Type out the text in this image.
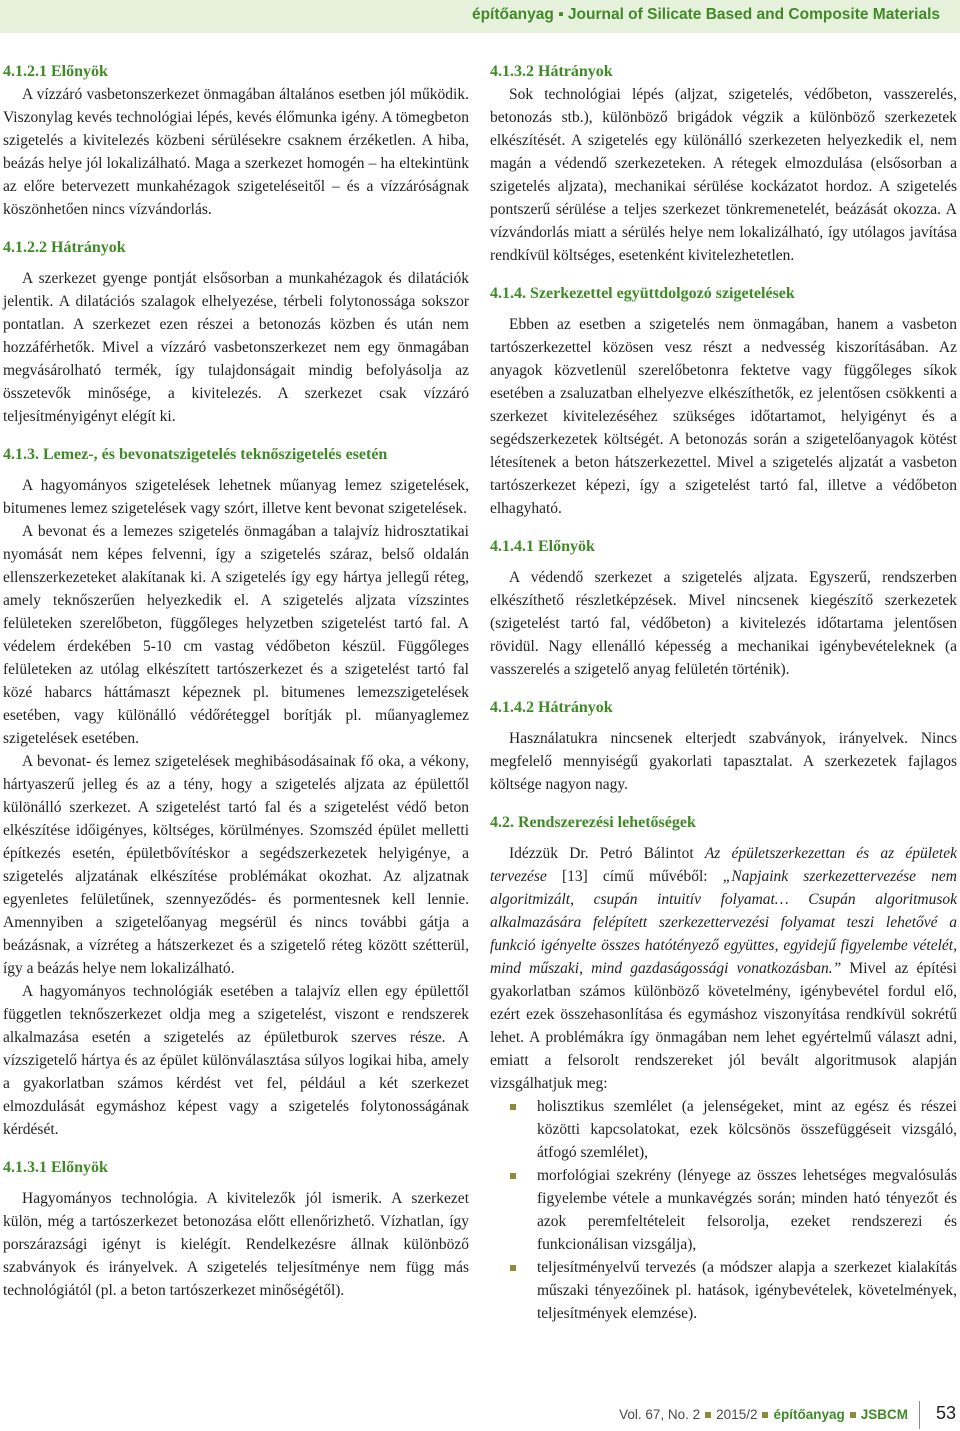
építőanyag ▪ Journal of Silicate Based and Composite Materials
4.1.2.1 Előnyök

A vízzáró vasbetonszerkezet önmagában általános esetben jól működik. Viszonylag kevés technológiai lépés, kevés élőmunka igény. A tömegbeton szigetelés a kivitelezés közbeni sérülésekre csaknem érzéketlen. A hiba, beázás helye jól lokalizálható. Maga a szerkezet homogén – ha eltekintünk az előre betervezett munkahézagok szigeteléseitől – és a vízzáróságnak köszönhetően nincs vízvándorlás.

4.1.2.2 Hátrányok

A szerkezet gyenge pontját elsősorban a munkahézagok és dilatációk jelentik. A dilatációs szalagok elhelyezése, térbeli folytonossága sokszor pontatlan. A szerkezet ezen részei a betonozás közben és után nem hozzáférhetők. Mivel a vízzáró vasbetonszerkezet nem egy önmagában megvásárolható termék, így tulajdonságait mindig befolyásolja az összetevők minősége, a kivitelezés. A szerkezet csak vízzáró teljesítményigényt elégít ki.

4.1.3. Lemez-, és bevonatszigetelés teknőszigetelés esetén

A hagyományos szigetelések lehetnek műanyag lemez szigetelések, bitumenes lemez szigetelések vagy szórt, illetve kent bevonat szigetelések.

A bevonat és a lemezes szigetelés önmagában a talajvíz hidrosztatikai nyomását nem képes felvenni, így a szigetelés száraz, belső oldalán ellenszerkezeteket alakítanak ki. A szigetelés így egy hártya jellegű réteg, amely teknőszerűen helyezkedik el. A szigetelés aljzata vízszintes felületeken szerelőbeton, függőleges helyzetben szigetelést tartó fal. A védelem érdekében 5-10 cm vastag védőbeton készül. Függőleges felületeken az utólag elkészített tartószerkezet és a szigetelést tartó fal közé habarcs háttámaszt képeznek pl. bitumenes lemezszigetelések esetében, vagy különálló védőréteggel borítják pl. műanyaglemez szigetelések esetében.

A bevonat- és lemez szigetelések meghibásodásainak fő oka, a vékony, hártyaszerű jelleg és az a tény, hogy a szigetelés aljzata az épülettől különálló szerkezet. A szigetelést tartó fal és a szigetelést védő beton elkészítése időigényes, költséges, körülményes. Szomszéd épület melletti építkezés esetén, épületbővítéskor a segédszerkezetek helyigénye, a szigetelés aljzatának elkészítése problémákat okozhat. Az aljzatnak egyenletes felületűnek, szennyeződés- és pormentesnek kell lennie. Amennyiben a szigetelőanyag megsérül és nincs további gátja a beázásnak, a vízréteg a hátszerkezet és a szigetelő réteg között szétterül, így a beázás helye nem lokalizálható.

A hagyományos technológiák esetében a talajvíz ellen egy épülettől független teknőszerkezet oldja meg a szigetelést, viszont e rendszerek alkalmazása esetén a szigetelés az épületburok szerves része. A vízszigetelő hártya és az épület különválasztása súlyos logikai hiba, amely a gyakorlatban számos kérdést vet fel, például a két szerkezet elmozdulását egymáshoz képest vagy a szigetelés folytonosságának kérdését.

4.1.3.1 Előnyök

Hagyományos technológia. A kivitelezők jól ismerik. A szerkezet külön, még a tartószerkezet betonozása előtt ellenőrizhető. Vízhatlan, így porszárazsági igényt is kielégít. Rendelkezésre állnak különböző szabványok és irányelvek. A szigetelés teljesítménye nem függ más technológiától (pl. a beton tartószerkezet minőségétől).

4.1.3.2 Hátrányok

Sok technológiai lépés (aljzat, szigetelés, védőbeton, vasszerelés, betonozás stb.), különböző brigádok végzik a különböző szerkezetek elkészítését. A szigetelés egy különálló szerkezeten helyezkedik el, nem magán a védendő szerkezeteken. A rétegek elmozdulása (elsősorban a szigetelés aljzata), mechanikai sérülése kockázatot hordoz. A szigetelés pontszerű sérülése a teljes szerkezet tönkremenetelét, beázását okozza. A vízvándorlás miatt a sérülés helye nem lokalizálható, így utólagos javítása rendkívül költséges, esetenként kivitelezhetetlen.

4.1.4. Szerkezettel együttdolgozó szigetelések

Ebben az esetben a szigetelés nem önmagában, hanem a vasbeton tartószerkezettel közösen vesz részt a nedvesség kiszorításában. Az anyagok közvetlenül szerelőbetonra fektetve vagy függőleges síkok esetében a zsaluzatban elhelyezve elkészíthetők, ez jelentősen csökkenti a szerkezet kivitelezéséhez szükséges időtartamot, helyigényt és a segédszerkezetek költségét. A betonozás során a szigetelőanyagok kötést létesítenek a beton hátszerkezettel. Mivel a szigetelés aljzatát a vasbeton tartószerkezet képezi, így a szigetelést tartó fal, illetve a védőbeton elhagyható.

4.1.4.1 Előnyök

A védendő szerkezet a szigetelés aljzata. Egyszerű, rendszerben elkészíthető részletképzések. Mivel nincsenek kiegészítő szerkezetek (szigetelést tartó fal, védőbeton) a kivitelezés időtartama jelentősen rövidül. Nagy ellenálló képesség a mechanikai igénybevételeknek (a vasszerelés a szigetelő anyag felületén történik).

4.1.4.2 Hátrányok

Használatukra nincsenek elterjedt szabványok, irányelvek. Nincs megfelelő mennyiségű gyakorlati tapasztalat. A szerkezetek fajlagos költsége nagyon nagy.

4.2. Rendszerezési lehetőségek

Idézzük Dr. Petró Bálintot Az épületszerkezettan és az épületek tervezése [13] című művéből: „Napjaink szerkezettervezése nem algoritmizált, csupán intuitív folyamat… Csupán algoritmusok alkalmazására felépített szerkezettervezési folyamat teszi lehetővé a funkció igényelte összes hatótényező együttes, egyidejű figyelembe vételét, mind műszaki, mind gazdaságossági vonatkozásban.” Mivel az építési gyakorlatban számos különböző követelmény, igénybevétel fordul elő, ezért ezek összehasonlítása és egymáshoz viszonyítása rendkívül sokrétű lehet. A problémákra így önmagában nem lehet egyértelmű választ adni, emiatt a felsorolt rendszereket jól bevált algoritmusok alapján vizsgálhatjuk meg:

holisztikus szemlélet (a jelenségeket, mint az egész és részei közötti kapcsolatokat, ezek kölcsönös összefüggéseit vizsgáló, átfogó szemlélet),
morfológiai szekrény (lényege az összes lehetséges megvalósulás figyelembe vétele a munkavégzés során; minden ható tényezőt és azok peremfeltételeit felsorolja, ezeket rendszerezi és funkcionálisan vizsgálja),
teljesítményelvű tervezés (a módszer alapja a szerkezet kialakítás műszaki tényezőinek pl. hatások, igénybevételek, követelmények, teljesítmények elemzése).
Vol. 67, No. 2 2015/2 építőanyag JSBCM 53
